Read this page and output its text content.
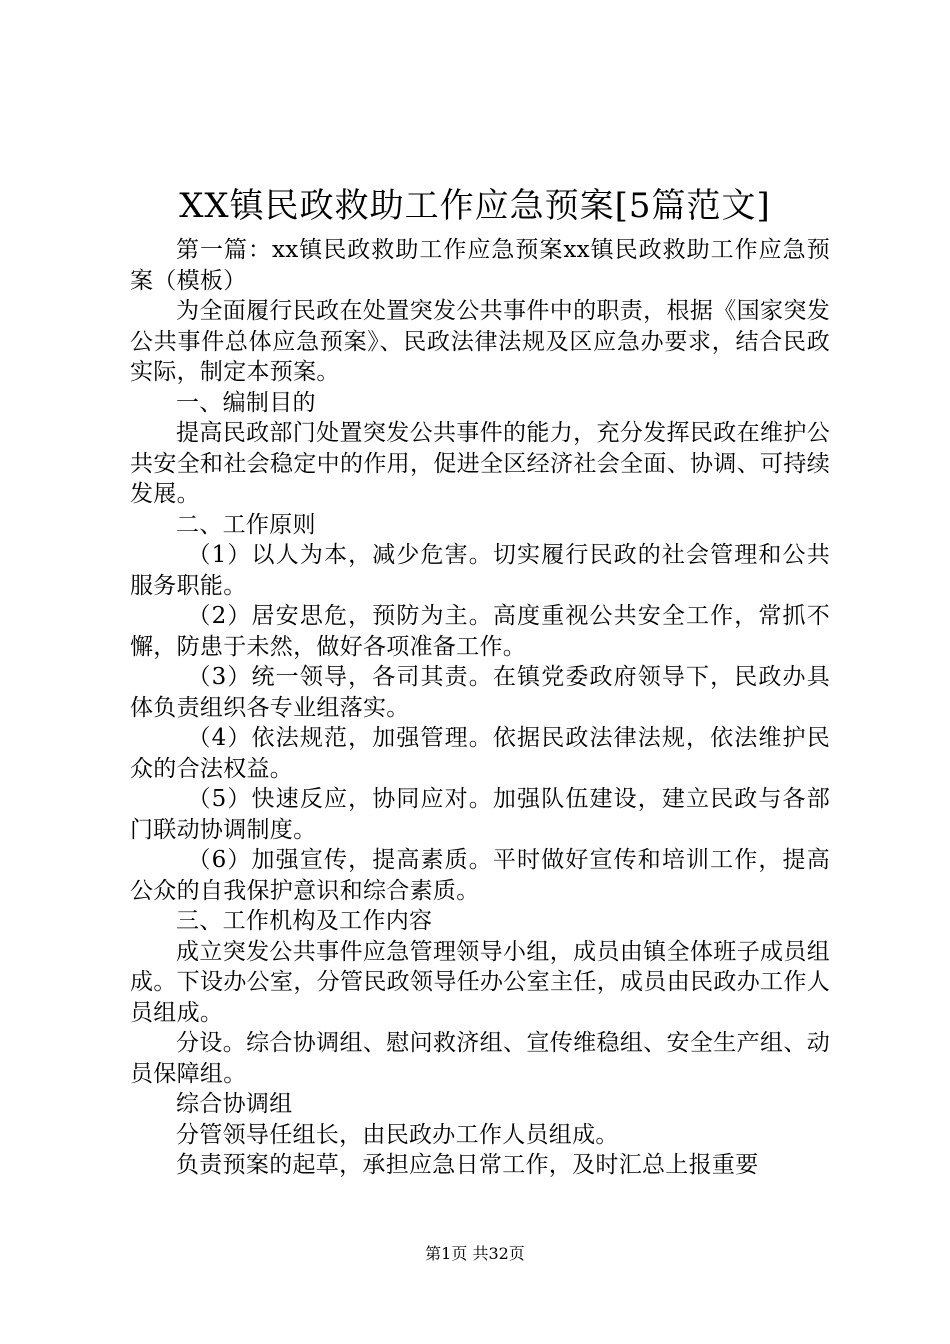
XX镇民政救助工作应急预案[5篇范文]

第一篇：xx镇民政救助工作应急预案xx镇民政救助工作应急预案（模板）

为全面履行民政在处置突发公共事件中的职责，根据《国家突发公共事件总体应急预案》、民政法律法规及区应急办要求，结合民政实际，制定本预案。

一、编制目的

提高民政部门处置突发公共事件的能力，充分发挥民政在维护公共安全和社会稳定中的作用，促进全区经济社会全面、协调、可持续发展。

二、工作原则

（1）以人为本，减少危害。切实履行民政的社会管理和公共服务职能。

（2）居安思危，预防为主。高度重视公共安全工作，常抓不懈，防患于未然，做好各项准备工作。

（3）统一领导，各司其责。在镇党委政府领导下，民政办具体负责组织各专业组落实。

（4）依法规范，加强管理。依据民政法律法规，依法维护民众的合法权益。

（5）快速反应，协同应对。加强队伍建设，建立民政与各部门联动协调制度。

（6）加强宣传，提高素质。平时做好宣传和培训工作，提高公众的自我保护意识和综合素质。

三、工作机构及工作内容

成立突发公共事件应急管理领导小组，成员由镇全体班子成员组成。下设办公室，分管民政领导任办公室主任，成员由民政办工作人员组成。

分设。综合协调组、慰问救济组、宣传维稳组、安全生产组、动员保障组。

综合协调组

分管领导任组长，由民政办工作人员组成。

负责预案的起草，承担应急日常工作，及时汇总上报重要

第1页 共32页
